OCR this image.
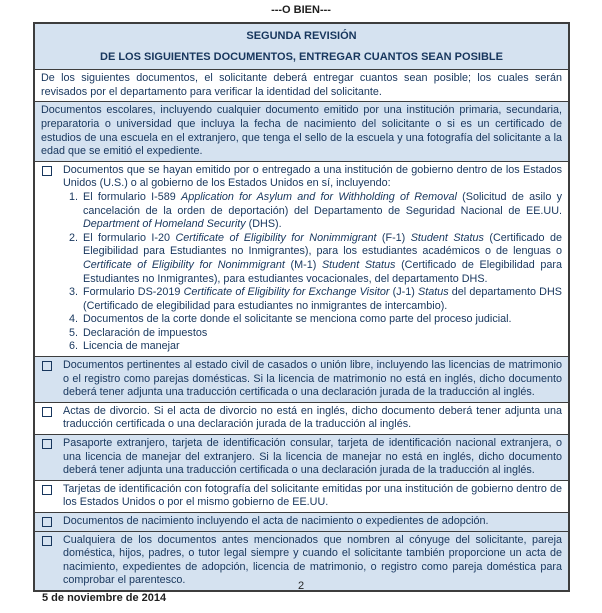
---O BIEN---
SEGUNDA REVISIÓN
DE LOS SIGUIENTES DOCUMENTOS, ENTREGAR CUANTOS SEAN POSIBLE
De los siguientes documentos, el solicitante deberá entregar cuantos sean posible; los cuales serán revisados por el departamento para verificar la identidad del solicitante.
Documentos escolares, incluyendo cualquier documento emitido por una institución primaria, secundaria, preparatoria o universidad que incluya la fecha de nacimiento del solicitante o si es un certificado de estudios de una escuela en el extranjero, que tenga el sello de la escuela y una fotografía del solicitante a la edad que se emitió el expediente.
Documentos que se hayan emitido por o entregado a una institución de gobierno dentro de los Estados Unidos (U.S.) o al gobierno de los Estados Unidos en sí, incluyendo:
1. El formulario I-589 Application for Asylum and for Withholding of Removal (Solicitud de asilo y cancelación de la orden de deportación) del Departamento de Seguridad Nacional de EE.UU. Department of Homeland Security (DHS).
2. El formulario I-20 Certificate of Eligibility for Nonimmigrant (F-1) Student Status (Certificado de Elegibilidad para Estudiantes no Inmigrantes), para los estudiantes académicos o de lenguas o Certificate of Eligibility for Nonimmigrant (M-1) Student Status (Certificado de Elegibilidad para Estudiantes no Inmigrantes), para estudiantes vocacionales, del departamento DHS.
3. Formulario DS-2019 Certificate of Eligibility for Exchange Visitor (J-1) Status del departamento DHS (Certificado de elegibilidad para estudiantes no inmigrantes de intercambio).
4. Documentos de la corte donde el solicitante se menciona como parte del proceso judicial.
5. Declaración de impuestos
6. Licencia de manejar
Documentos pertinentes al estado civil de casados o unión libre, incluyendo las licencias de matrimonio o el registro como parejas domésticas. Si la licencia de matrimonio no está en inglés, dicho documento deberá tener adjunta una traducción certificada o una declaración jurada de la traducción al inglés.
Actas de divorcio. Si el acta de divorcio no está en inglés, dicho documento deberá tener adjunta una traducción certificada o una declaración jurada de la traducción al inglés.
Pasaporte extranjero, tarjeta de identificación consular, tarjeta de identificación nacional extranjera, o una licencia de manejar del extranjero. Si la licencia de manejar no está en inglés, dicho documento deberá tener adjunta una traducción certificada o una declaración jurada de la traducción al inglés.
Tarjetas de identificación con fotografía del solicitante emitidas por una institución de gobierno dentro de los Estados Unidos o por el mismo gobierno de EE.UU.
Documentos de nacimiento incluyendo el acta de nacimiento o expedientes de adopción.
Cualquiera de los documentos antes mencionados que nombren al cónyuge del solicitante, pareja doméstica, hijos, padres, o tutor legal siempre y cuando el solicitante también proporcione un acta de nacimiento, expedientes de adopción, licencia de matrimonio, o registro como pareja doméstica para comprobar el parentesco.	2
5 de noviembre de 2014
